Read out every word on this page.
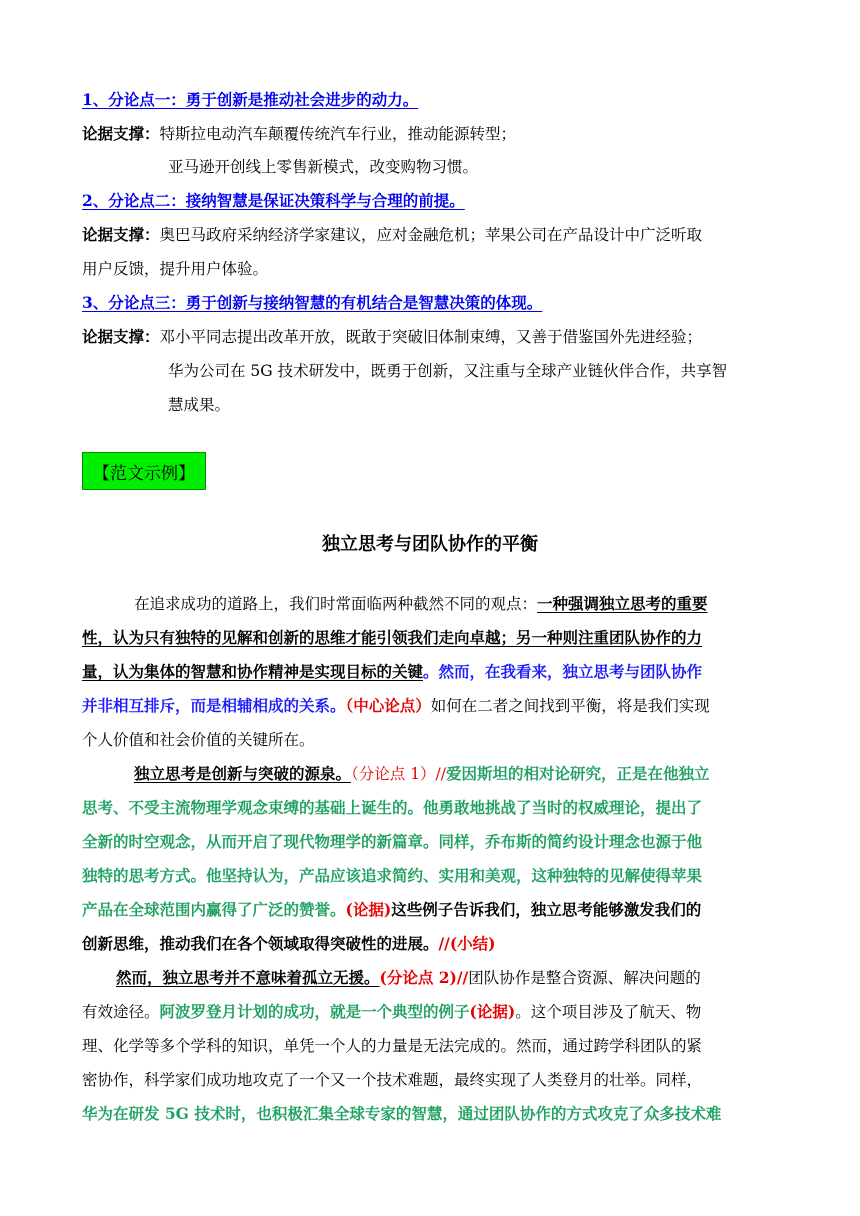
1、分论点一：勇于创新是推动社会进步的动力。
论据支撑：特斯拉电动汽车颠覆传统汽车行业，推动能源转型；
亚马逊开创线上零售新模式，改变购物习惯。
2、分论点二：接纳智慧是保证决策科学与合理的前提。
论据支撑：奥巴马政府采纳经济学家建议，应对金融危机；苹果公司在产品设计中广泛听取
用户反馈，提升用户体验。
3、分论点三：勇于创新与接纳智慧的有机结合是智慧决策的体现。
论据支撑：邓小平同志提出改革开放，既敢于突破旧体制束缚，又善于借鉴国外先进经验；
华为公司在 5G 技术研发中，既勇于创新，又注重与全球产业链伙伴合作，共享智
慧成果。
【范文示例】
独立思考与团队协作的平衡
在追求成功的道路上，我们时常面临两种截然不同的观点：一种强调独立思考的重要
性，认为只有独特的见解和创新的思维才能引领我们走向卓越；另一种则注重团队协作的力
量，认为集体的智慧和协作精神是实现目标的关键。然而，在我看来，独立思考与团队协作
并非相互排斥，而是相辅相成的关系。（中心论点）如何在二者之间找到平衡，将是我们实现
个人价值和社会价值的关键所在。
独立思考是创新与突破的源泉。（分论点 1）//爱因斯坦的相对论研究，正是在他独立
思考、不受主流物理学观念束缚的基础上诞生的。他勇敢地挑战了当时的权威理论，提出了
全新的时空观念，从而开启了现代物理学的新篇章。同样，乔布斯的简约设计理念也源于他
独特的思考方式。他坚持认为，产品应该追求简约、实用和美观，这种独特的见解使得苹果
产品在全球范围内赢得了广泛的赞誉。(论据)这些例子告诉我们，独立思考能够激发我们的
创新思维，推动我们在各个领域取得突破性的进展。//(小结)
然而，独立思考并不意味着孤立无援。(分论点 2)//团队协作是整合资源、解决问题的
有效途径。阿波罗登月计划的成功，就是一个典型的例子(论据)。这个项目涉及了航天、物
理、化学等多个学科的知识，单凭一个人的力量是无法完成的。然而，通过跨学科团队的紧
密协作，科学家们成功地攻克了一个又一个技术难题，最终实现了人类登月的壮举。同样，
华为在研发 5G 技术时，也积极汇集全球专家的智慧，通过团队协作的方式攻克了众多技术难
